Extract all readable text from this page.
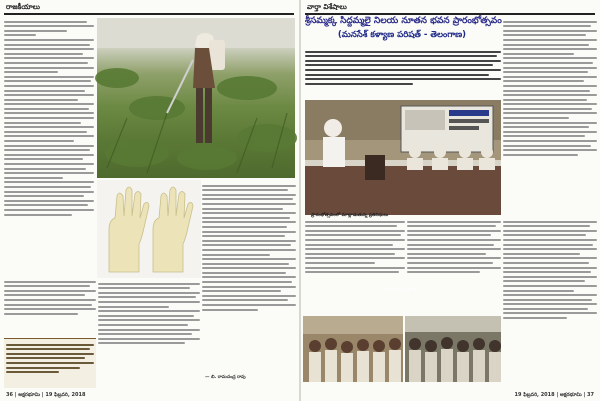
రాజకీయాలు
— బి. రామచంద్ర రావు
36 | అక్షరభూమి | 19 ఫిబ్రవరి, 2018
వార్తా విశేషాలు
శ్రీసమ్మక్క సిద్దమ్మలై నిలయ నూతన భవన ప్రారంభోత్సవం
(మనసేశ్ కళ్యాణ పరిషత్ - తెలంగాణ)
ప్రసంగిస్తున్న విశ్వకర్మ
ప్రారంభోత్సవంలో మాట్లాడుతున్న ప్రతినిధులు
19 ఫిబ్రవరి, 2018 | అక్షరభూమి | 37
